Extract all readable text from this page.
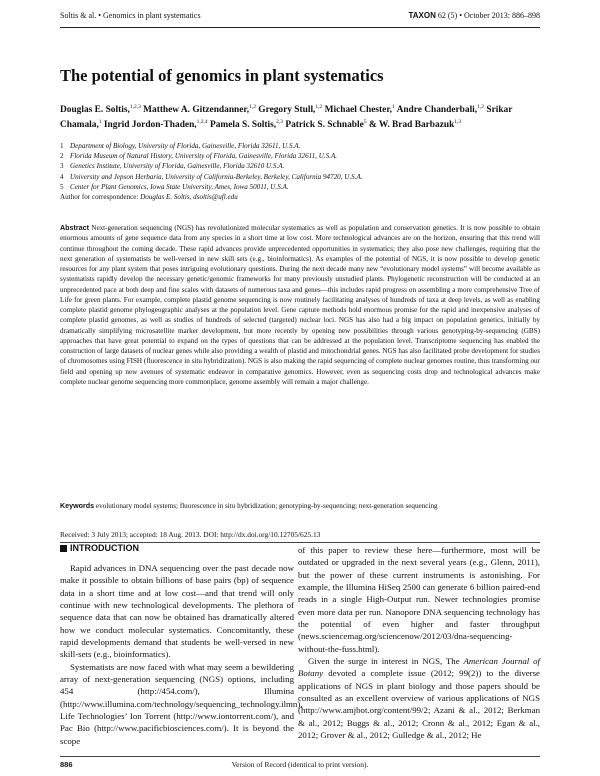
Soltis & al. • Genomics in plant systematics	TAXON 62 (5) • October 2013: 886–898
The potential of genomics in plant systematics
Douglas E. Soltis,$^{1,2,3}$ Matthew A. Gitzendanner,$^{1,2}$ Gregory Stull,$^{1,2}$ Michael Chester,$^1$ Andre Chanderbali,$^{1,2}$ Srikar Chamala,$^1$ Ingrid Jordon-Thaden,$^{1,2,4}$ Pamela S. Soltis,$^{2,3}$ Patrick S. Schnable$^5$ & W. Brad Barbazuk$^{1,3}$
1 Department of Biology, University of Florida, Gainesville, Florida 32611, U.S.A.
2 Florida Museum of Natural History, University of Florida, Gainesville, Florida 32611, U.S.A.
3 Genetics Institute, University of Florida, Gainesville, Florida 32610 U.S.A.
4 University and Jepson Herbaria, University of California-Berkeley, Berkeley, California 94720, U.S.A.
5 Center for Plant Genomics, Iowa State University, Ames, Iowa 50011, U.S.A.
Author for correspondence: Douglas E. Soltis, dsoltis@ufl.edu
Abstract Next-generation sequencing (NGS) has revolutionized molecular systematics as well as population and conservation genetics. It is now possible to obtain enormous amounts of gene sequence data from any species in a short time at low cost. More technological advances are on the horizon, ensuring that this trend will continue throughout the coming decade. These rapid advances provide unprecedented opportunities in systematics; they also pose new challenges, requiring that the next generation of systematists be well-versed in new skill sets (e.g., bioinformatics). As examples of the potential of NGS, it is now possible to develop genetic resources for any plant system that poses intriguing evolutionary questions. During the next decade many new “evolutionary model systems” will become available as systematists rapidly develop the necessary genetic/genomic frameworks for many previously unstudied plants. Phylogenetic reconstruction will be conducted at an unprecedented pace at both deep and fine scales with datasets of numerous taxa and genes—this includes rapid progress on assembling a more comprehensive Tree of Life for green plants. For example, complete plastid genome sequencing is now routinely facilitating analyses of hundreds of taxa at deep levels, as well as enabling complete plastid genome phylogeographic analyses at the population level. Gene capture methods hold enormous promise for the rapid and inexpensive analyses of complete plastid genomes, as well as studies of hundreds of selected (targeted) nuclear loci. NGS has also had a big impact on population genetics, initially by dramatically simplifying microsatellite marker development, but more recently by opening new possibilities through various genotyping-by-sequencing (GBS) approaches that have great potential to expand on the types of questions that can be addressed at the population level. Transcriptome sequencing has enabled the construction of large datasets of nuclear genes while also providing a wealth of plastid and mitochondrial genes. NGS has also facilitated probe development for studies of chromosomes using FISH (fluorescence in situ hybridization). NGS is also making the rapid sequencing of complete nuclear genomes routine, thus transforming our field and opening up new avenues of systematic endeavor in comparative genomics. However, even as sequencing costs drop and technological advances make complete nuclear genome sequencing more commonplace, genome assembly will remain a major challenge.
Keywords evolutionary model systems; fluorescence in situ hybridization; genotyping-by-sequencing; next-generation sequencing
Received: 3 July 2013; accepted: 18 Aug. 2013. DOI: http://dx.doi.org/10.12705/625.13
INTRODUCTION

Rapid advances in DNA sequencing over the past decade now make it possible to obtain billions of base pairs (bp) of sequence data in a short time and at low cost—and that trend will only continue with new technological developments. The plethora of sequence data that can now be obtained has dramatically altered how we conduct molecular systematics. Concomitantly, these rapid developments demand that students be well-versed in new skill-sets (e.g., bioinformatics).

Systematists are now faced with what may seem a bewildering array of next-generation sequencing (NGS) options, including 454 (http://454.com/), Illumina (http://www.illumina.com/technology/sequencing_technology.ilmn), Life Technologies’ Ion Torrent (http://www.iontorrent.com/), and Pac Bio (http://www.pacificbiosciences.com/). It is beyond the scope

of this paper to review these here—furthermore, most will be outdated or upgraded in the next several years (e.g., Glenn, 2011), but the power of these current instruments is astonishing. For example, the Illumina HiSeq 2500 can generate 6 billion paired-end reads in a single High-Output run. Newer technologies promise even more data per run. Nanopore DNA sequencing technology has the potential of even higher and faster throughput (news.sciencemag.org/sciencenow/2012/03/dna-sequencing-without-the-fuss.html).

Given the surge in interest in NGS, The American Journal of Botany devoted a complete issue (2012; 99(2)) to the diverse applications of NGS in plant biology and those papers should be consulted as an excellent overview of various applications of NGS (http://www.amjbot.org/content/99/2; Azani & al., 2012; Berkman & al., 2012; Buggs & al., 2012; Cronn & al., 2012; Egan & al., 2012; Grover & al., 2012; Gulledge & al., 2012; He

886	Version of Record (identical to print version).
